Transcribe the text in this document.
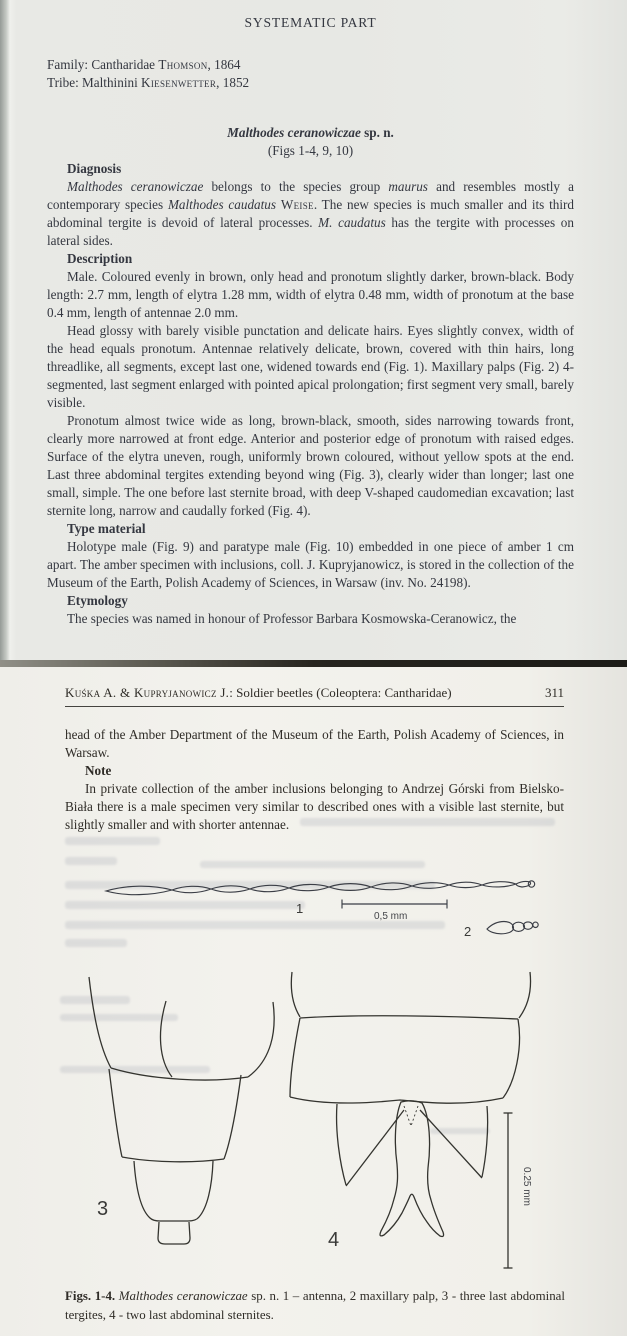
SYSTEMATIC PART
Family: Cantharidae Thomson, 1864
Tribe: Malthinini Kiesenwetter, 1852
Malthodes ceranowiczae sp. n.
(Figs 1-4, 9, 10)
Diagnosis
Malthodes ceranowiczae belongs to the species group maurus and resembles mostly a contemporary species Malthodes caudatus Weise. The new species is much smaller and its third abdominal tergite is devoid of lateral processes. M. caudatus has the tergite with processes on lateral sides.
Description
Male. Coloured evenly in brown, only head and pronotum slightly darker, brown-black. Body length: 2.7 mm, length of elytra 1.28 mm, width of elytra 0.48 mm, width of pronotum at the base 0.4 mm, length of antennae 2.0 mm.
Head glossy with barely visible punctation and delicate hairs. Eyes slightly convex, width of the head equals pronotum. Antennae relatively delicate, brown, covered with thin hairs, long threadlike, all segments, except last one, widened towards end (Fig. 1). Maxillary palps (Fig. 2) 4-segmented, last segment enlarged with pointed apical prolongation; first segment very small, barely visible.
Pronotum almost twice wide as long, brown-black, smooth, sides narrowing towards front, clearly more narrowed at front edge. Anterior and posterior edge of pronotum with raised edges. Surface of the elytra uneven, rough, uniformly brown coloured, without yellow spots at the end. Last three abdominal tergites extending beyond wing (Fig. 3), clearly wider than longer; last one small, simple. The one before last sternite broad, with deep V-shaped caudomedian excavation; last sternite long, narrow and caudally forked (Fig. 4).
Type material
Holotype male (Fig. 9) and paratype male (Fig. 10) embedded in one piece of amber 1 cm apart. The amber specimen with inclusions, coll. J. Kupryjanowicz, is stored in the collection of the Museum of the Earth, Polish Academy of Sciences, in Warsaw (inv. No. 24198).
Etymology
The species was named in honour of Professor Barbara Kosmowska-Ceranowicz, the
Kuśka A. & Kupryjanowicz J.: Soldier beetles (Coleoptera: Cantharidae)	311
head of the Amber Department of the Museum of the Earth, Polish Academy of Sciences, in Warsaw.
Note
In private collection of the amber inclusions belonging to Andrzej Górski from Bielsko-Biała there is a male specimen very similar to described ones with a visible last sternite, but slightly smaller and with shorter antennae.
1
0,5 mm
2
3
4
0.25 mm
Figs. 1-4. Malthodes ceranowiczae sp. n. 1 – antenna, 2 maxillary palp, 3 - three last abdominal tergites, 4 - two last abdominal sternites.
